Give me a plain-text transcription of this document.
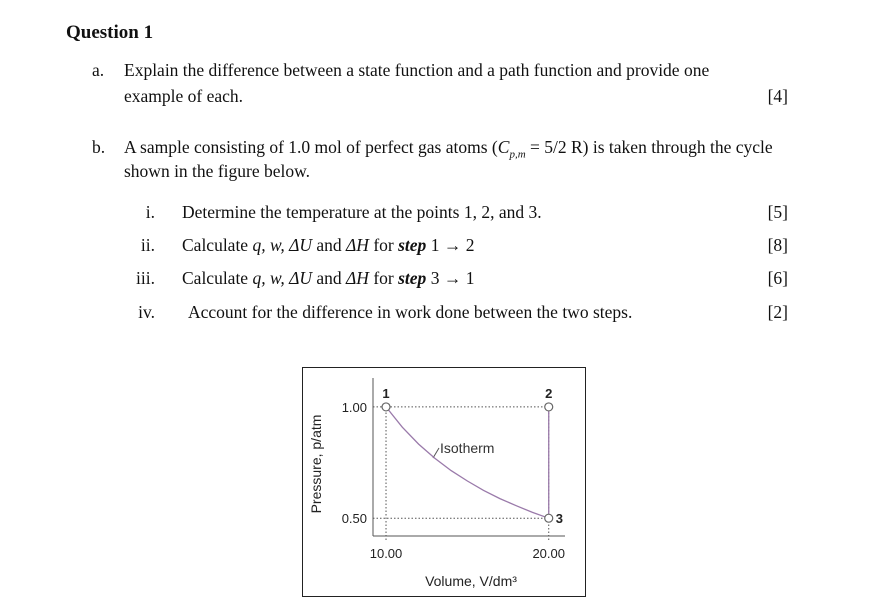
Question 1
a. Explain the difference between a state function and a path function and provide one
example of each.	[4]
b. A sample consisting of 1.0 mol of perfect gas atoms ($C_{p,m} = 5/2$ R) is taken through the cycle
shown in the figure below.
i. Determine the temperature at the points 1, 2, and 3.	[5]
ii. Calculate q, w, ΔU and ΔH for step 1 → 2	[8]
iii. Calculate q, w, ΔU and ΔH for step 3 → 1	[6]
iv. Account for the difference in work done between the two steps.	[2]
Pressure, p/atm
Volume, V/dm³
Isotherm
1.00
0.50
10.00	20.00
1	2
3
